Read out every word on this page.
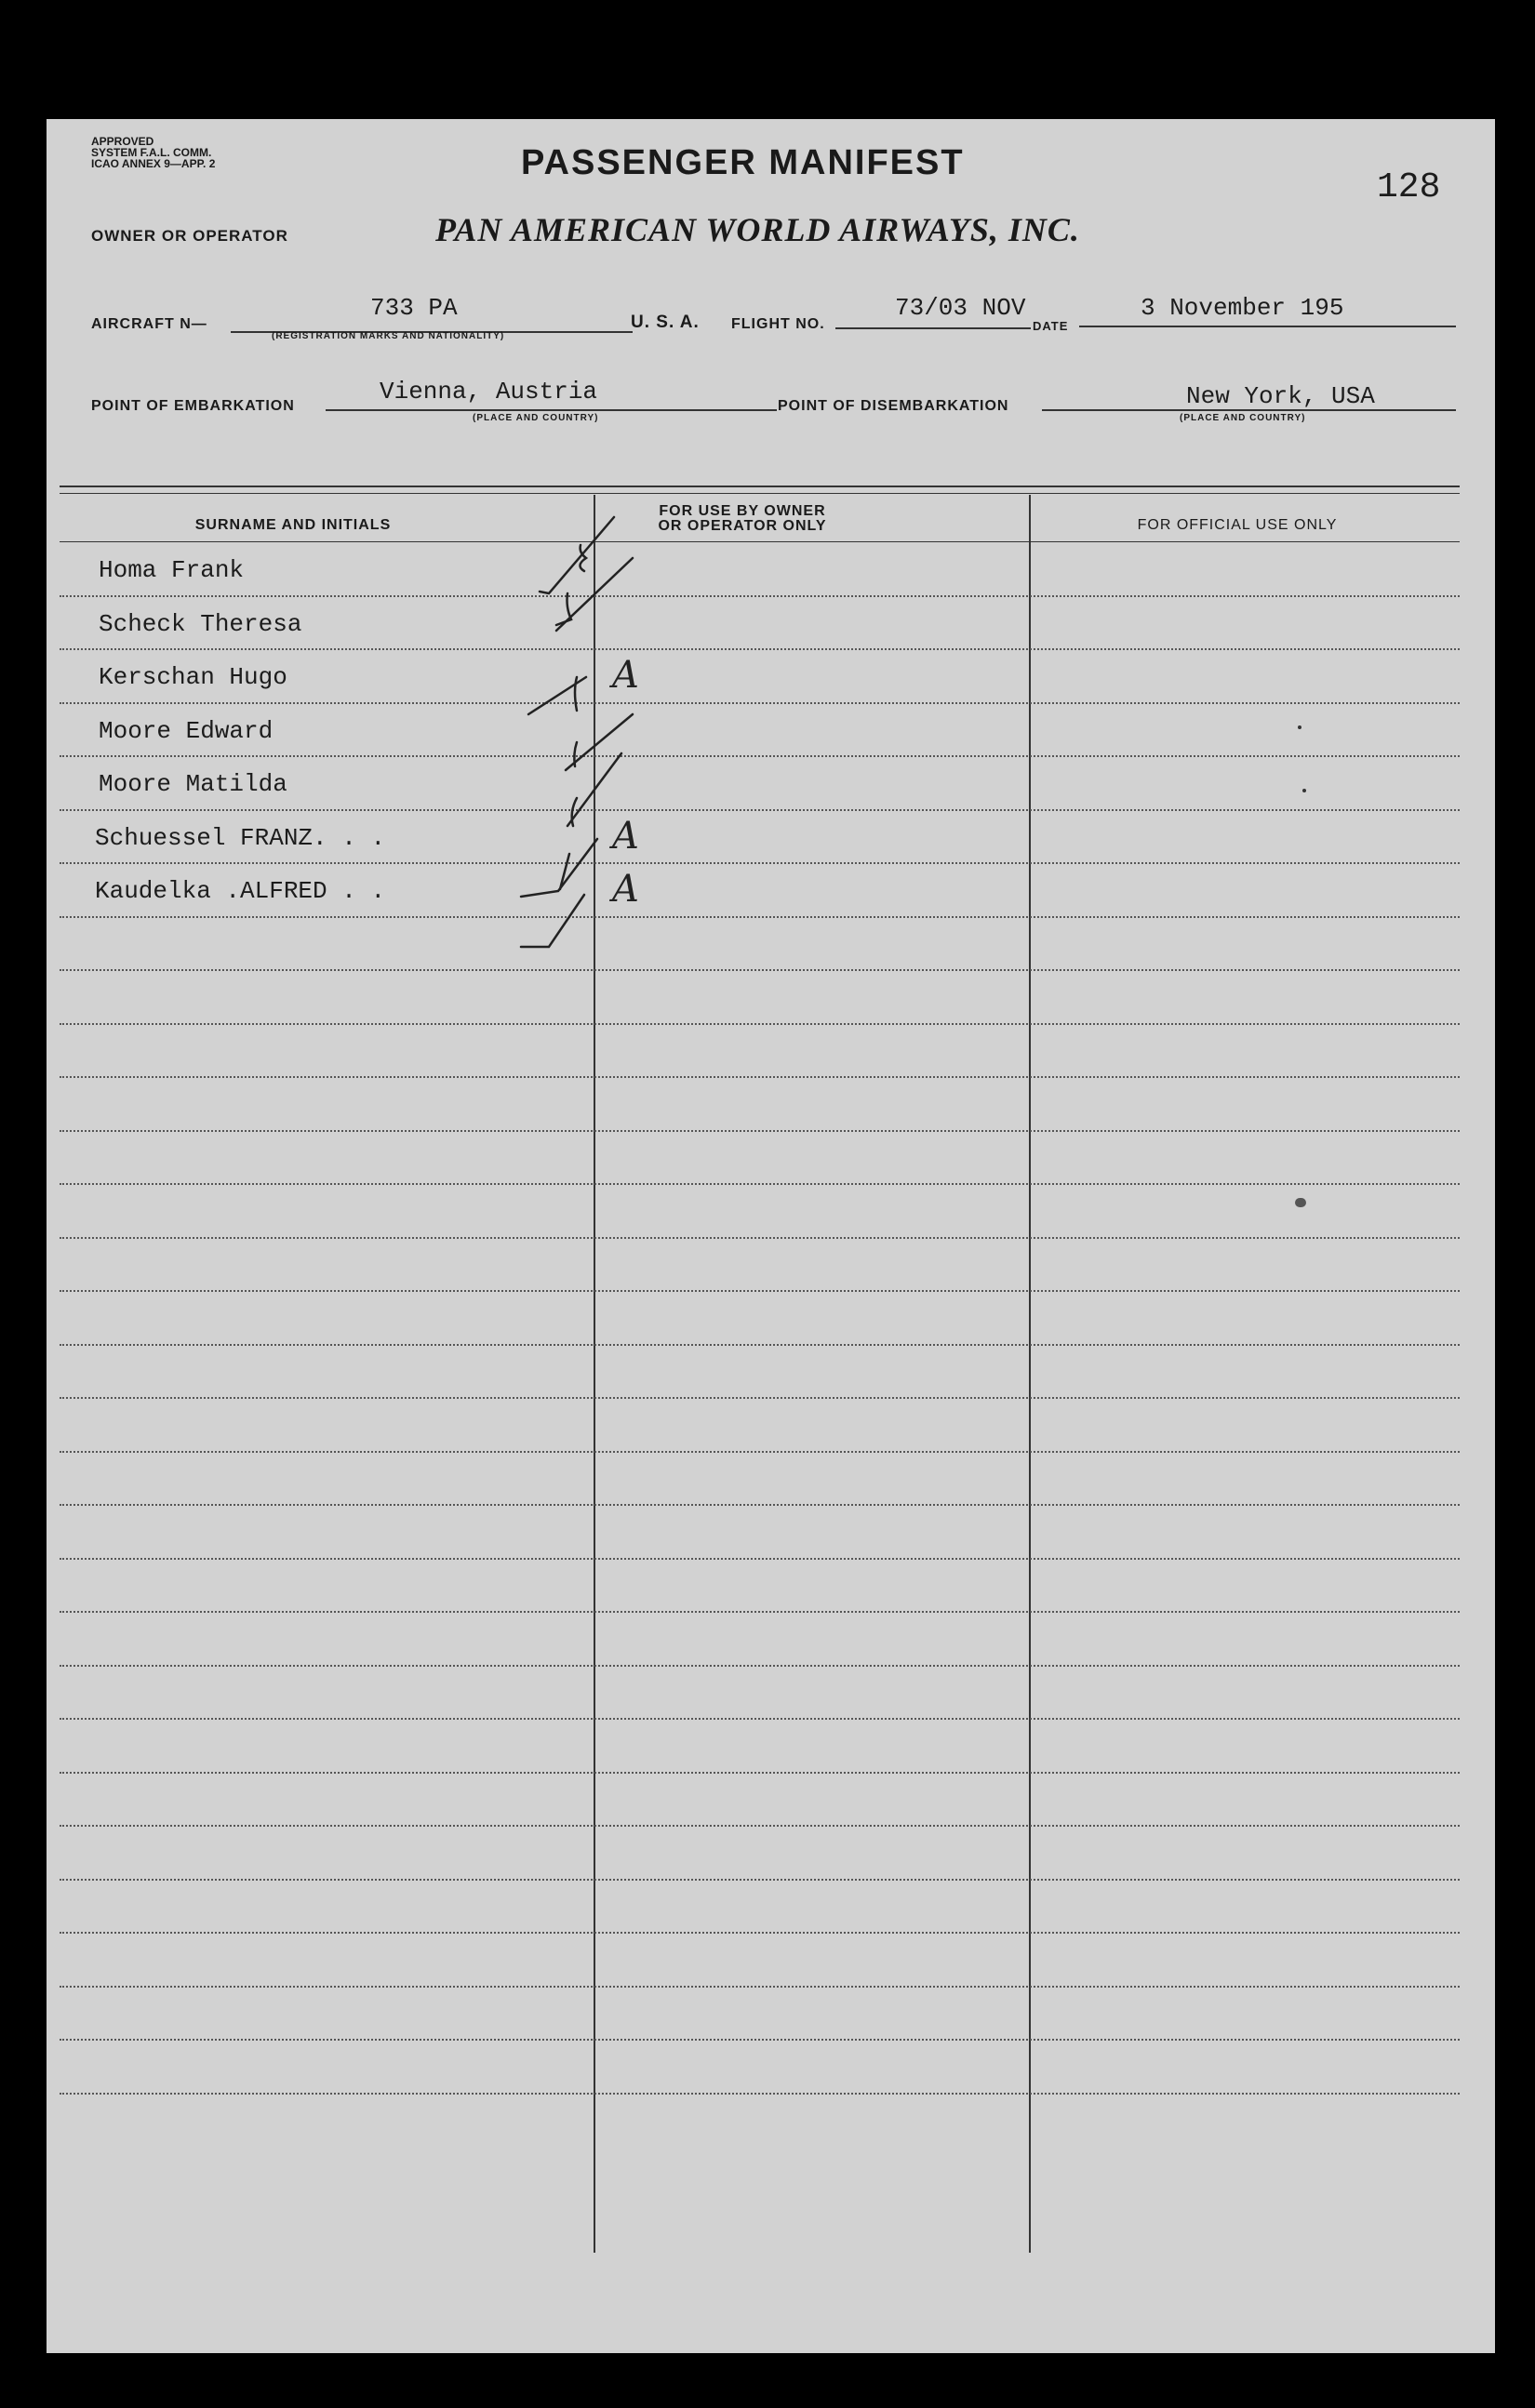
APPROVED
SYSTEM F.A.L. COMM.
ICAO ANNEX 9—APP. 2	PASSENGER MANIFEST
128
OWNER OR OPERATOR	PAN AMERICAN WORLD AIRWAYS, INC.
AIRCRAFT N—
733 PA
(REGISTRATION MARKS AND NATIONALITY)
U. S. A. FLIGHT NO.
73/03 NOV
DATE
3 November 195
POINT OF EMBARKATION
Vienna, Austria
(PLACE AND COUNTRY)
POINT OF DISEMBARKATION	New York, USA
(PLACE AND COUNTRY)
SURNAME AND INITIALS
FOR USE BY OWNER
OR OPERATOR ONLY	FOR OFFICIAL USE ONLY
Homa Frank
Scheck Theresa
Kerschan Hugo	A
Moore Edward
Moore Matilda
Schuessel FRANZ. . .	A
Kaudelka .ALFRED . .	A
